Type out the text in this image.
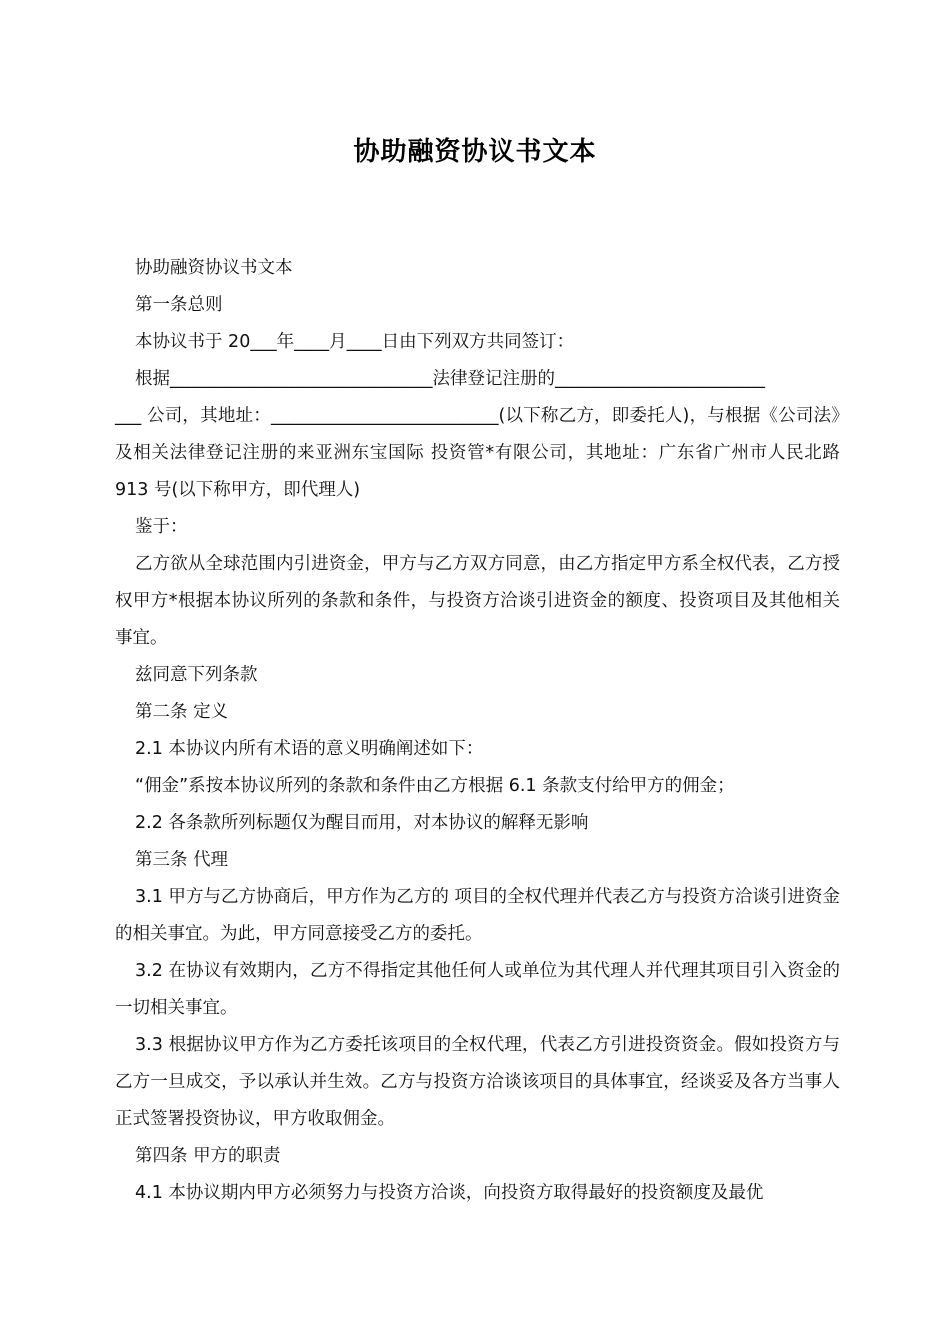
协助融资协议书文本

协助融资协议书文本

第一条总则

本协议书于 20___年____月____日由下列双方共同签订：

根据______________________________法律登记注册的________________________

___ 公司，其地址：__________________________(以下称乙方，即委托人)，与根据《公司法》及相关法律登记注册的来亚洲东宝国际 投资管*有限公司，其地址：广东省广州市人民北路 913 号(以下称甲方，即代理人)

鉴于：

乙方欲从全球范围内引进资金，甲方与乙方双方同意，由乙方指定甲方系全权代表，乙方授权甲方*根据本协议所列的条款和条件，与投资方洽谈引进资金的额度、投资项目及其他相关事宜。

兹同意下列条款

第二条 定义

2.1 本协议内所有术语的意义明确阐述如下：

“佣金”系按本协议所列的条款和条件由乙方根据 6.1 条款支付给甲方的佣金；

2.2 各条款所列标题仅为醒目而用，对本协议的解释无影响

第三条 代理

3.1 甲方与乙方协商后，甲方作为乙方的 项目的全权代理并代表乙方与投资方洽谈引进资金的相关事宜。为此，甲方同意接受乙方的委托。

3.2 在协议有效期内，乙方不得指定其他任何人或单位为其代理人并代理其项目引入资金的一切相关事宜。

3.3 根据协议甲方作为乙方委托该项目的全权代理，代表乙方引进投资资金。假如投资方与乙方一旦成交，予以承认并生效。乙方与投资方洽谈该项目的具体事宜，经谈妥及各方当事人正式签署投资协议，甲方收取佣金。

第四条 甲方的职责

4.1 本协议期内甲方必须努力与投资方洽谈，向投资方取得最好的投资额度及最优
